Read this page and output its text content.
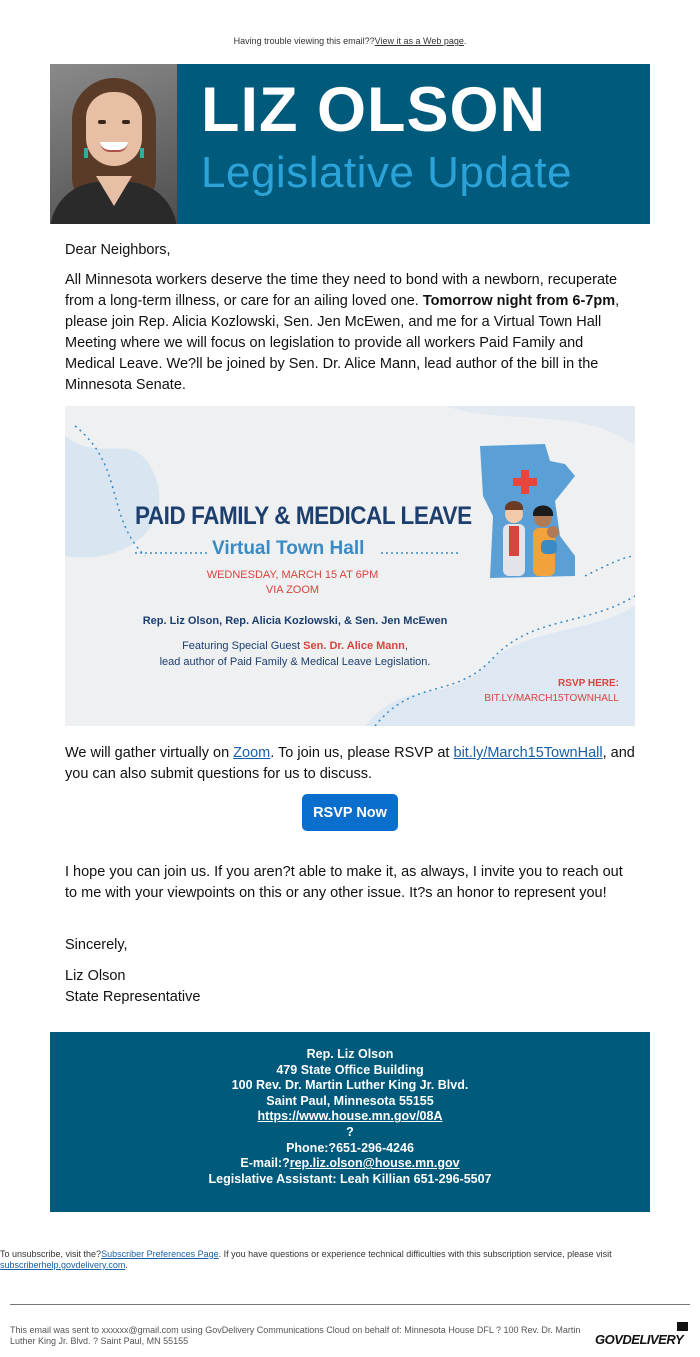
Having trouble viewing this email??View it as a Web page.
LIZ OLSON
Legislative Update
Dear Neighbors,
All Minnesota workers deserve the time they need to bond with a newborn, recuperate from a long-term illness, or care for an ailing loved one. Tomorrow night from 6-7pm, please join Rep. Alicia Kozlowski, Sen. Jen McEwen, and me for a Virtual Town Hall Meeting where we will focus on legislation to provide all workers Paid Family and Medical Leave. We?ll be joined by Sen. Dr. Alice Mann, lead author of the bill in the Minnesota Senate.
PAID FAMILY & MEDICAL LEAVE
Virtual Town Hall
WEDNESDAY, MARCH 15 AT 6PM
VIA ZOOM
Rep. Liz Olson, Rep. Alicia Kozlowski, & Sen. Jen McEwen
Featuring Special Guest Sen. Dr. Alice Mann,
lead author of Paid Family & Medical Leave Legislation.
RSVP HERE:
BIT.LY/MARCH15TOWNHALL
We will gather virtually on Zoom. To join us, please RSVP at bit.ly/March15TownHall, and you can also submit questions for us to discuss.
RSVP Now
I hope you can join us. If you aren?t able to make it, as always, I invite you to reach out to me with your viewpoints on this or any other issue. It?s an honor to represent you!
Sincerely,
Liz Olson
State Representative
Rep. Liz Olson
479 State Office Building
100 Rev. Dr. Martin Luther King Jr. Blvd.
Saint Paul, Minnesota 55155
https://www.house.mn.gov/08A
?
Phone:?651-296-4246
E-mail:?rep.liz.olson@house.mn.gov
Legislative Assistant: Leah Killian 651-296-5507
To unsubscribe, visit the?Subscriber Preferences Page. If you have questions or experience technical difficulties with this subscription service, please visit subscriberhelp.govdelivery.com.
This email was sent to xxxxxx@gmail.com using GovDelivery Communications Cloud on behalf of: Minnesota House DFL ? 100 Rev. Dr. Martin Luther King Jr. Blvd. ? Saint Paul, MN 55155	GOVDELIVERY
